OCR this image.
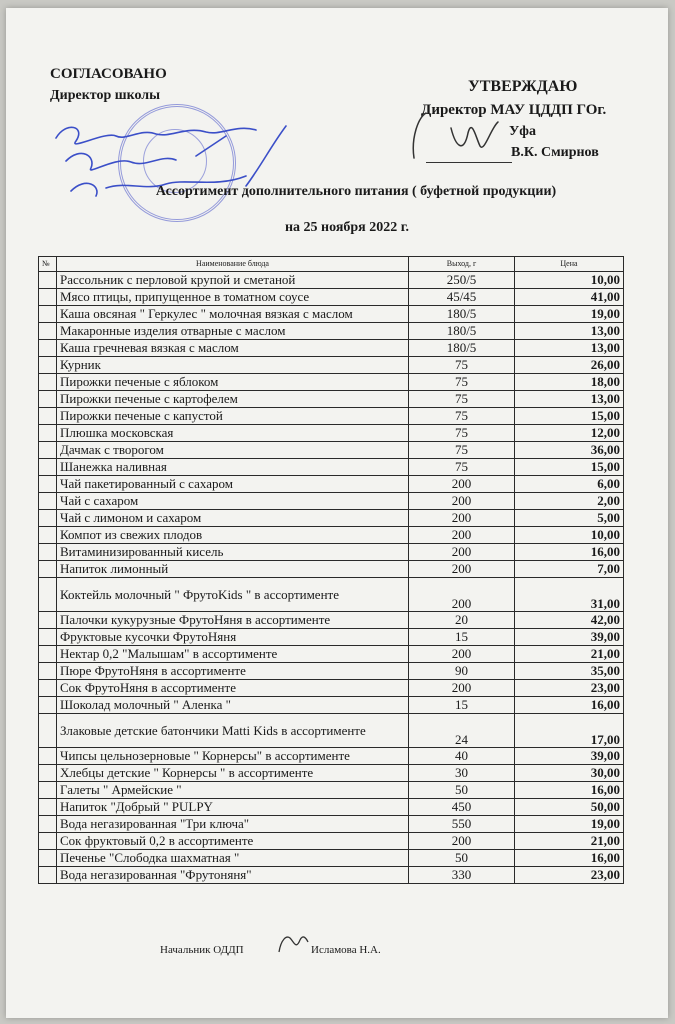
СОГЛАСОВАНО
Директор школы
УТВЕРЖДАЮ
Директор МАУ ЦДДП ГОг.
Уфа
В.К. Смирнов
Ассортимент дополнительного питания ( буфетной продукции)
на 25 ноября 2022 г.
№	Наименование блюда	Выход, г	Цена
	Рассольник с перловой крупой и сметаной	250/5	10,00
	Мясо птицы, припущенное в томатном соусе	45/45	41,00
	Каша овсяная " Геркулес " молочная вязкая с маслом	180/5	19,00
	Макаронные изделия отварные с маслом	180/5	13,00
	Каша гречневая вязкая с маслом	180/5	13,00
	Курник	75	26,00
	Пирожки печеные с яблоком	75	18,00
	Пирожки печеные с картофелем	75	13,00
	Пирожки печеные с капустой	75	15,00
	Плюшка московская	75	12,00
	Дачмак с творогом	75	36,00
	Шанежка наливная	75	15,00
	Чай пакетированный с сахаром	200	6,00
	Чай с сахаром	200	2,00
	Чай с лимоном и сахаром	200	5,00
	Компот из свежих плодов	200	10,00
	Витаминизированный кисель	200	16,00
	Напиток лимонный	200	7,00
	Коктейль молочный " ФрутоKids " в ассортименте	200	31,00
	Палочки кукурузные ФрутоНяня в ассортименте	20	42,00
	Фруктовые кусочки ФрутоНяня	15	39,00
	Нектар 0,2 "Малышам" в ассортименте	200	21,00
	Пюре ФрутоНяня в ассортименте	90	35,00
	Сок ФрутоНяня в ассортименте	200	23,00
	Шоколад молочный " Аленка "	15	16,00
	Злаковые детские батончики Matti Kids в ассортименте	24	17,00
	Чипсы цельнозерновые " Корнерсы" в ассортименте	40	39,00
	Хлебцы детские " Корнерсы " в ассортименте	30	30,00
	Галеты " Армейские "	50	16,00
	Напиток "Добрый " PULPY	450	50,00
	Вода негазированная "Три ключа"	550	19,00
	Сок фруктовый 0,2 в ассортименте	200	21,00
	Печенье "Слободка шахматная "	50	16,00
	Вода негазированная "Фрутоняня"	330	23,00
Начальник ОДДП	Исламова Н.А.
